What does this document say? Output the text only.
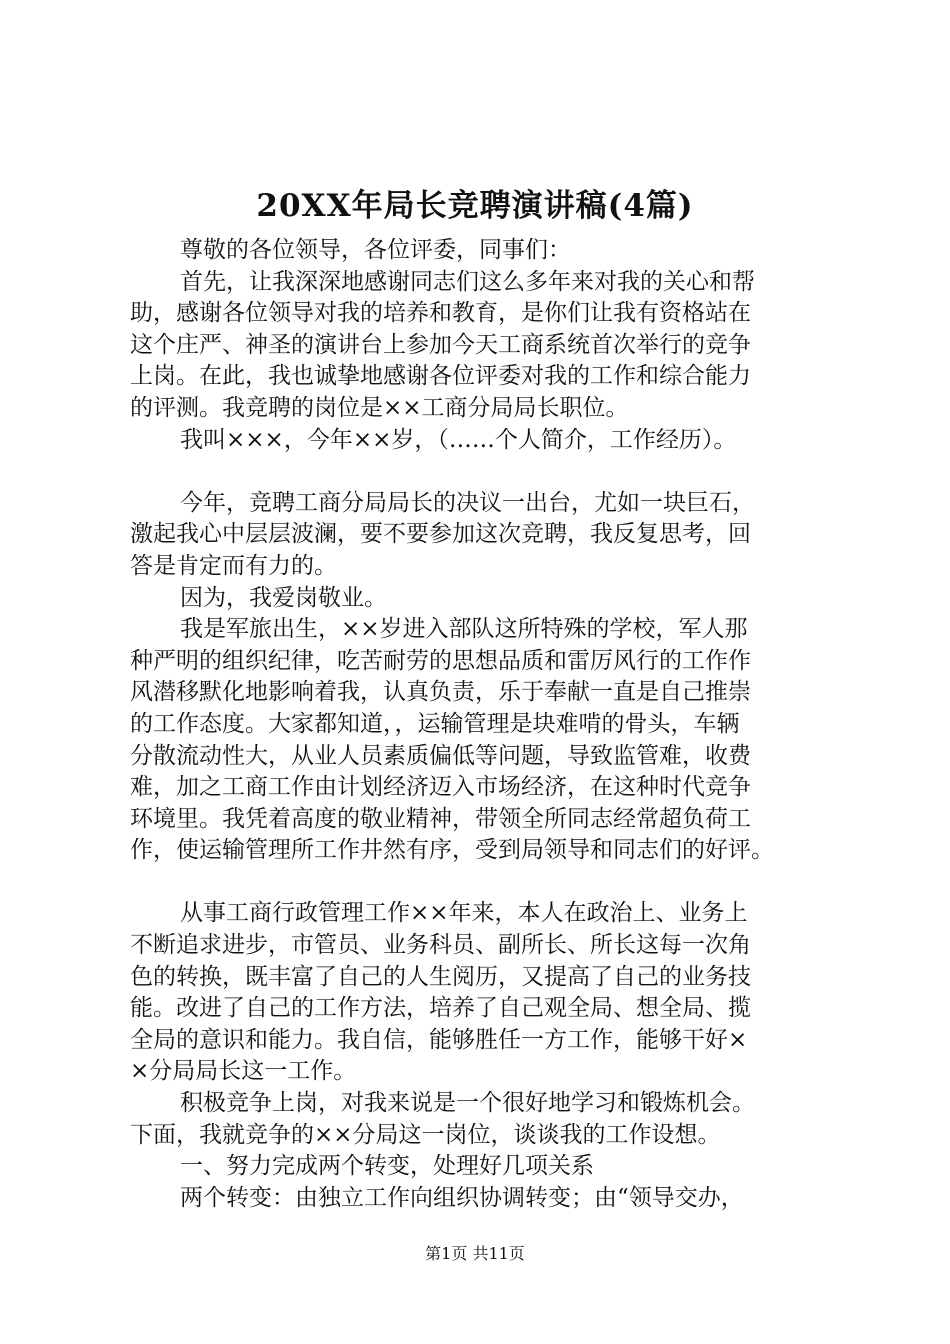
20XX年局长竞聘演讲稿(4篇)
尊敬的各位领导，各位评委，同事们：
首先，让我深深地感谢同志们这么多年来对我的关心和帮
助，感谢各位领导对我的培养和教育，是你们让我有资格站在
这个庄严、神圣的演讲台上参加今天工商系统首次举行的竞争
上岗。在此，我也诚挚地感谢各位评委对我的工作和综合能力
的评测。我竞聘的岗位是××工商分局局长职位。
我叫×××，今年××岁，（……个人简介，工作经历）。
今年，竞聘工商分局局长的决议一出台，尤如一块巨石，
激起我心中层层波澜，要不要参加这次竞聘，我反复思考，回
答是肯定而有力的。
因为，我爱岗敬业。
我是军旅出生，××岁进入部队这所特殊的学校，军人那
种严明的组织纪律，吃苦耐劳的思想品质和雷厉风行的工作作
风潜移默化地影响着我，认真负责，乐于奉献一直是自己推崇
的工作态度。大家都知道，，运输管理是块难啃的骨头，车辆
分散流动性大，从业人员素质偏低等问题，导致监管难，收费
难，加之工商工作由计划经济迈入市场经济，在这种时代竞争
环境里。我凭着高度的敬业精神，带领全所同志经常超负荷工
作，使运输管理所工作井然有序，受到局领导和同志们的好评。
从事工商行政管理工作××年来，本人在政治上、业务上
不断追求进步，市管员、业务科员、副所长、所长这每一次角
色的转换，既丰富了自己的人生阅历，又提高了自己的业务技
能。改进了自己的工作方法，培养了自己观全局、想全局、揽
全局的意识和能力。我自信，能够胜任一方工作，能够干好×
×分局局长这一工作。
积极竞争上岗，对我来说是一个很好地学习和锻炼机会。
下面，我就竞争的××分局这一岗位，谈谈我的工作设想。
一、努力完成两个转变，处理好几项关系
两个转变：由独立工作向组织协调转变；由“领导交办，
第1页 共11页
